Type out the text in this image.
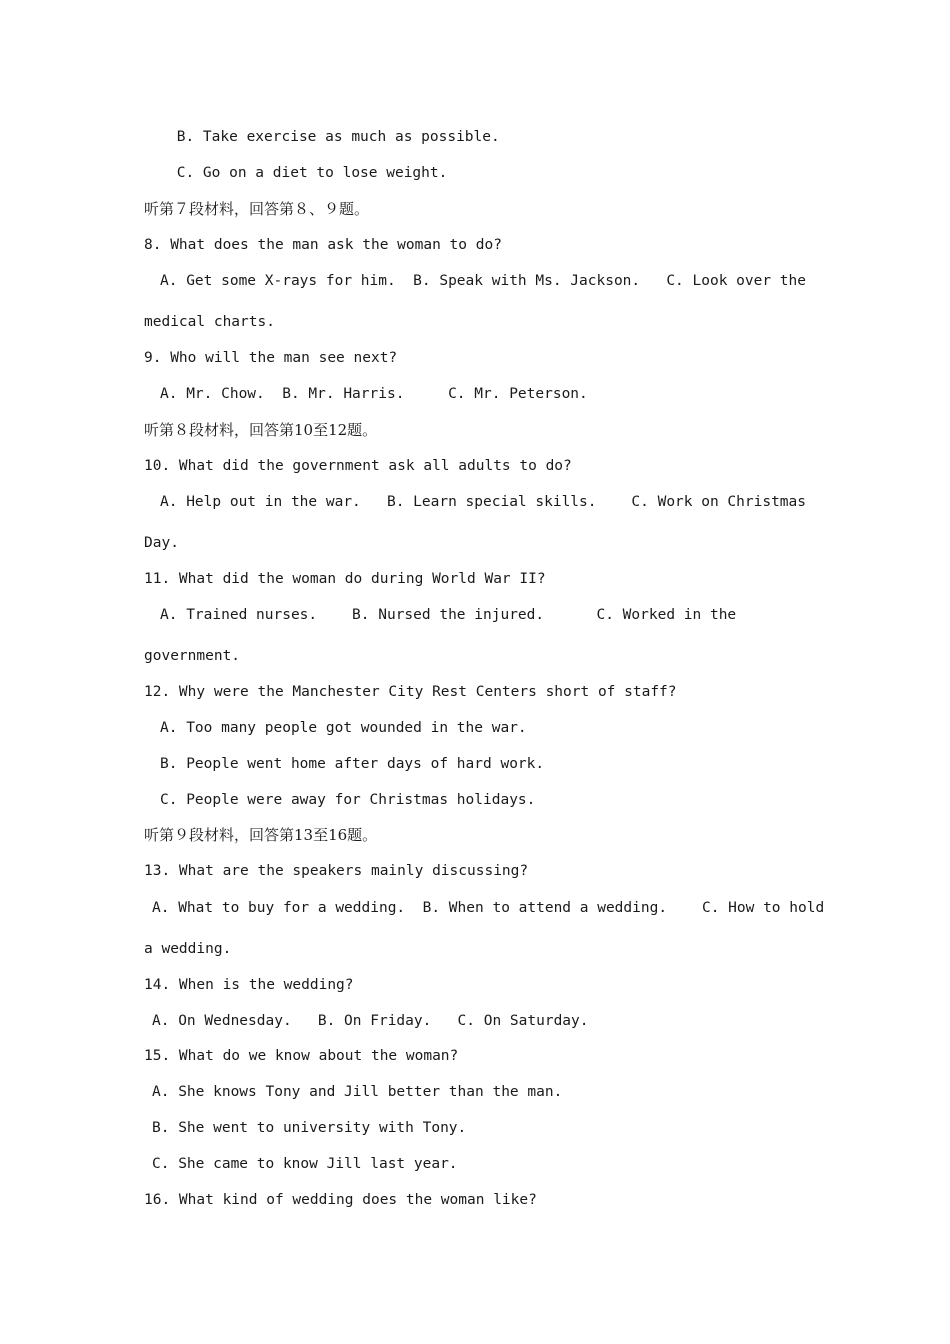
B. Take exercise as much as possible.
C. Go on a diet to lose weight.
听第７段材料，回答第８、９题。
8. What does the man ask the woman to do?
A. Get some X-rays for him.  B. Speak with Ms. Jackson.   C. Look over the
medical charts.
9. Who will the man see next?
A. Mr. Chow.  B. Mr. Harris.     C. Mr. Peterson.
听第８段材料，回答第10至12题。
10. What did the government ask all adults to do?
A. Help out in the war.   B. Learn special skills.    C. Work on Christmas
Day.
11. What did the woman do during World War II?
A. Trained nurses.    B. Nursed the injured.      C. Worked in the
government.
12. Why were the Manchester City Rest Centers short of staff?
A. Too many people got wounded in the war.
B. People went home after days of hard work.
C. People were away for Christmas holidays.
听第９段材料，回答第13至16题。
13. What are the speakers mainly discussing?
A. What to buy for a wedding.  B. When to attend a wedding.    C. How to hold
a wedding.
14. When is the wedding?
A. On Wednesday.   B. On Friday.   C. On Saturday.
15. What do we know about the woman?
A. She knows Tony and Jill better than the man.
B. She went to university with Tony.
C. She came to know Jill last year.
16. What kind of wedding does the woman like?
